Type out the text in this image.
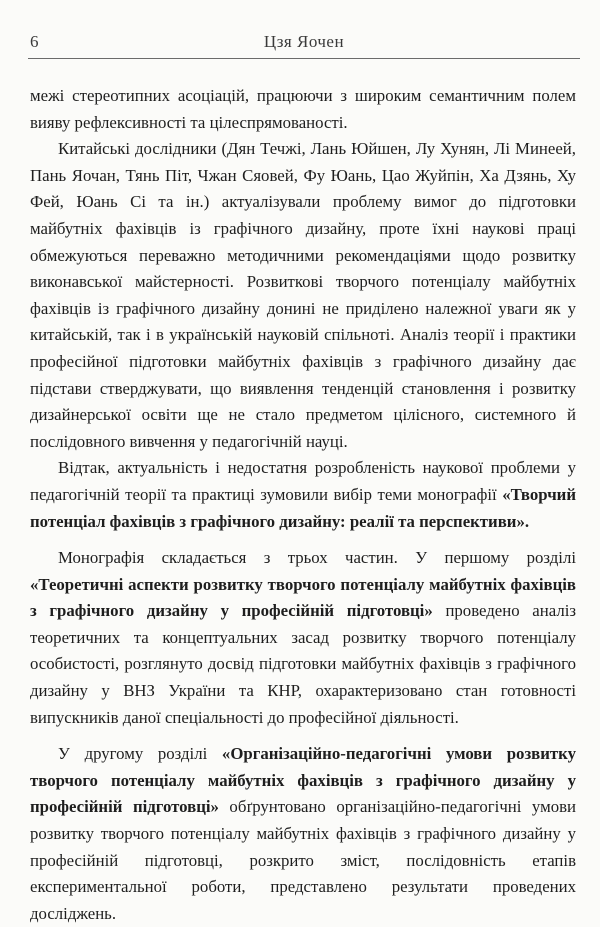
6	Цзя Яочен

межі стереотипних асоціацій, працюючи з широким семантичним полем вияву рефлексивності та цілеспрямованості.

Китайські дослідники (Дян Течжі, Лань Юйшен, Лу Хунян, Лі Минеей, Пань Яочан, Тянь Піт, Чжан Сяовей, Фу Юань, Цао Жуйпін, Ха Дзянь, Ху Фей, Юань Сі та ін.) актуалізували проблему вимог до підготовки майбутніх фахівців із графічного дизайну, проте їхні наукові праці обмежуються переважно методичними рекомендаціями щодо розвитку виконавської майстерності. Розвиткові творчого потенціалу майбутніх фахівців із графічного дизайну донині не приділено належної уваги як у китайській, так і в українській науковій спільноті. Аналіз теорії і практики професійної підготовки майбутніх фахівців з графічного дизайну дає підстави стверджувати, що виявлення тенденцій становлення і розвитку дизайнерської освіти ще не стало предметом цілісного, системного й послідовного вивчення у педагогічній науці.

Відтак, актуальність і недостатня розробленість наукової проблеми у педагогічній теорії та практиці зумовили вибір теми монографії «Творчий потенціал фахівців з графічного дизайну: реалії та перспективи».

Монографія складається з трьох частин. У першому розділі «Теоретичні аспекти розвитку творчого потенціалу майбутніх фахівців з графічного дизайну у професійній підготовці» проведено аналіз теоретичних та концептуальних засад розвитку творчого потенціалу особистості, розглянуто досвід підготовки майбутніх фахівців з графічного дизайну у ВНЗ України та КНР, охарактеризовано стан готовності випускників даної спеціальності до професійної діяльності.

У другому розділі «Організаційно-педагогічні умови розвитку творчого потенціалу майбутніх фахівців з графічного дизайну у професійній підготовці» обґрунтовано організаційно-педагогічні умови розвитку творчого потенціалу майбутніх фахівців з графічного дизайну у професійній підготовці, розкрито зміст, послідовність етапів експериментальної роботи, представлено результати проведених досліджень.
